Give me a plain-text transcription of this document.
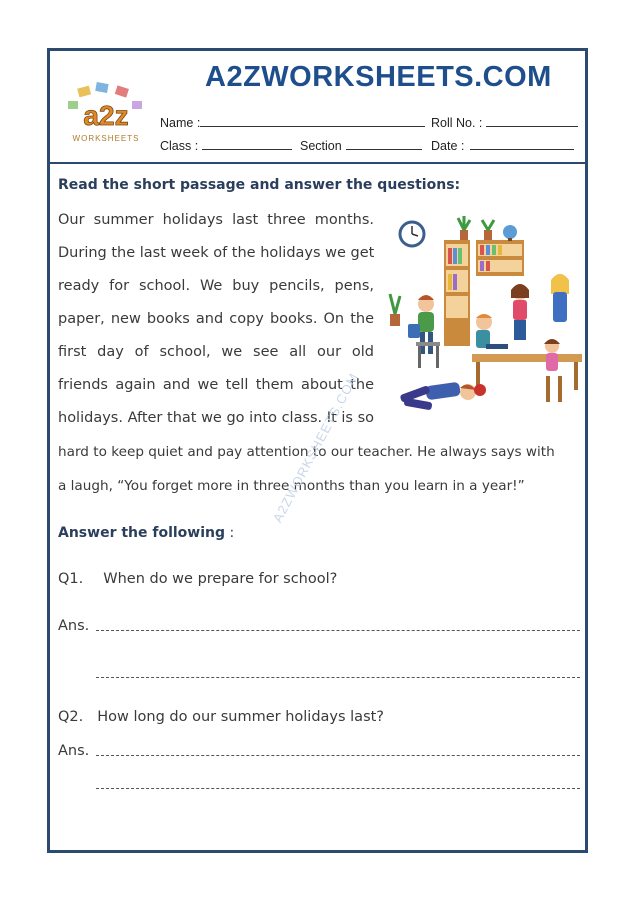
A2ZWORKSHEETS.COM
a2z
WORKSHEETS
Name :	Roll No. :
Class :	Section	Date :
Read the short passage and answer the questions:
Our summer holidays last three months.
During the last week of the holidays we get
ready for school. We buy pencils, pens,
paper, new books and copy books. On the
first day of school, we see all our old
friends again and we tell them about the
holidays. After that we go into class. It is so
hard to keep quiet and pay attention to our teacher. He always says with
a laugh, “You forget more in three months than you learn in a year!”
A2ZWORKSHEETS.COM
Answer the following :
Q1. When do we prepare for school?
Ans.
Q2. How long do our summer holidays last?
Ans.
